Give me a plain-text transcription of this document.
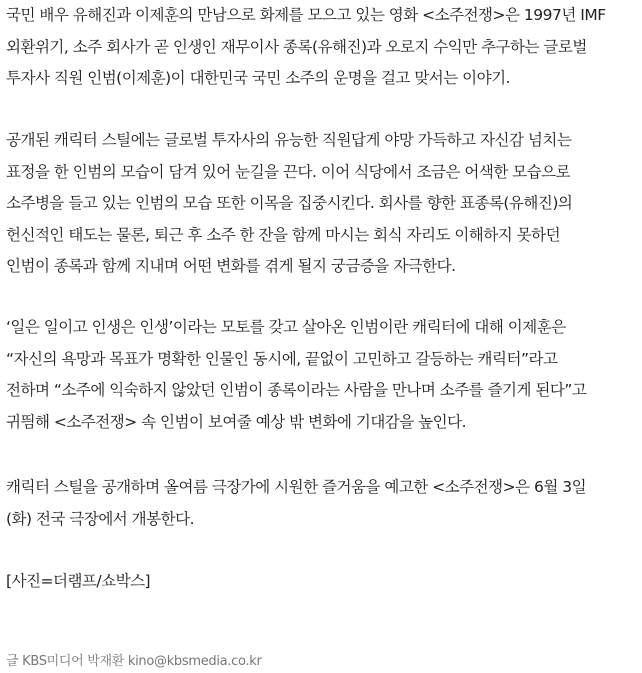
국민 배우 유해진과 이제훈의 만남으로 화제를 모으고 있는 영화 <소주전쟁>은 1997년 IMF
외환위기, 소주 회사가 곧 인생인 재무이사 종록(유해진)과 오로지 수익만 추구하는 글로벌
투자사 직원 인범(이제훈)이 대한민국 국민 소주의 운명을 걸고 맞서는 이야기.

공개된 캐릭터 스틸에는 글로벌 투자사의 유능한 직원답게 야망 가득하고 자신감 넘치는
표정을 한 인범의 모습이 담겨 있어 눈길을 끈다. 이어 식당에서 조금은 어색한 모습으로
소주병을 들고 있는 인범의 모습 또한 이목을 집중시킨다. 회사를 향한 표종록(유해진)의
헌신적인 태도는 물론, 퇴근 후 소주 한 잔을 함께 마시는 회식 자리도 이해하지 못하던
인범이 종록과 함께 지내며 어떤 변화를 겪게 될지 궁금증을 자극한다.

‘일은 일이고 인생은 인생’이라는 모토를 갖고 살아온 인범이란 캐릭터에 대해 이제훈은
“자신의 욕망과 목표가 명확한 인물인 동시에, 끝없이 고민하고 갈등하는 캐릭터”라고
전하며 “소주에 익숙하지 않았던 인범이 종록이라는 사람을 만나며 소주를 즐기게 된다”고
귀띔해 <소주전쟁> 속 인범이 보여줄 예상 밖 변화에 기대감을 높인다.

캐릭터 스틸을 공개하며 올여름 극장가에 시원한 즐거움을 예고한 <소주전쟁>은 6월 3일
(화) 전국 극장에서 개봉한다.

[사진=더램프/쇼박스]

글 KBS미디어 박재환 kino@kbsmedia.co.kr
